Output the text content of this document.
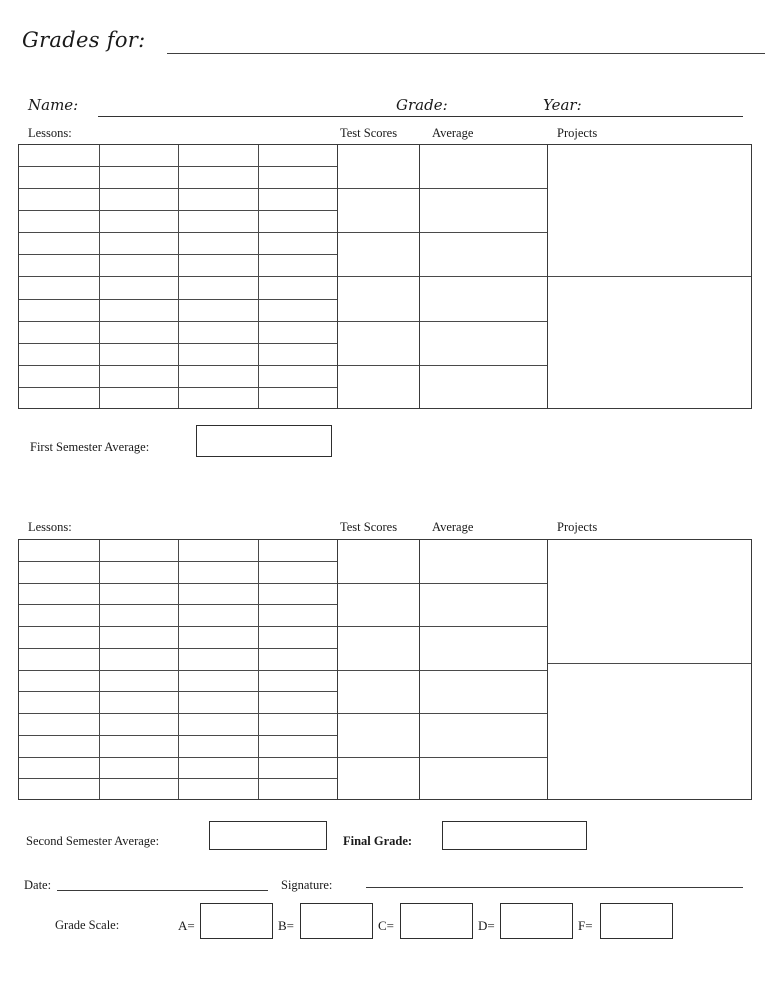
Grades for:
Name:	Grade:	Year:
Lessons:	Test Scores	Average	Projects
First Semester Average:
Lessons:	Test Scores	Average	Projects
Second Semester Average:	Final Grade:
Date:	Signature:
Grade Scale:	A=	B=	C=	D=	F=
